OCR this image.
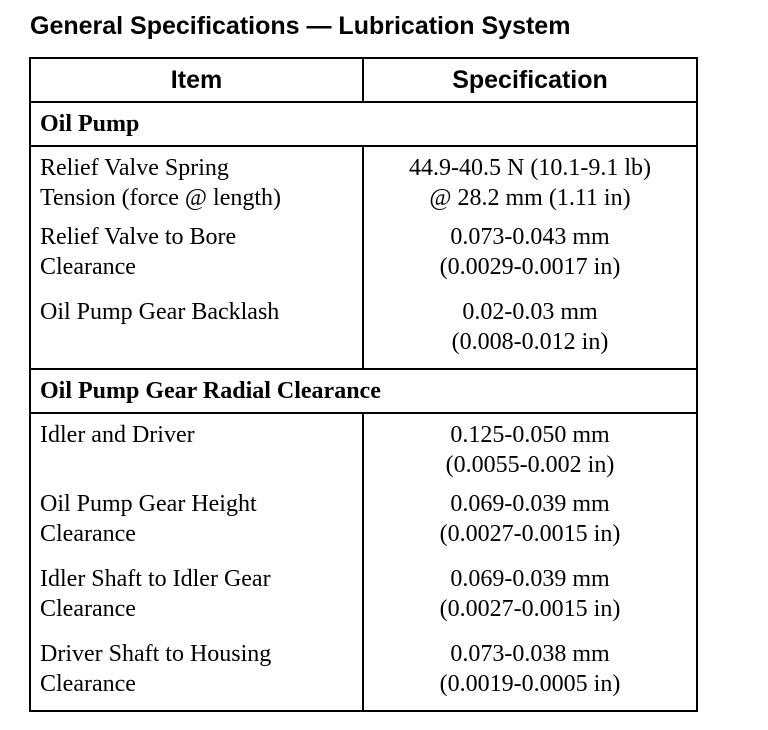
General Specifications — Lubrication System
Item	Specification
Oil Pump	

Relief Valve Spring
Tension (force @ length)	44.9-40.5 N (10.1-9.1 lb)
@ 28.2 mm (1.11 in)

Relief Valve to Bore
Clearance	0.073-0.043 mm
(0.0029-0.0017 in)

Oil Pump Gear Backlash	0.02-0.03 mm
(0.008-0.012 in)

Oil Pump Gear Radial Clearance	

Idler and Driver	0.125-0.050 mm
(0.0055-0.002 in)

Oil Pump Gear Height
Clearance	0.069-0.039 mm
(0.0027-0.0015 in)

Idler Shaft to Idler Gear
Clearance	0.069-0.039 mm
(0.0027-0.0015 in)

Driver Shaft to Housing
Clearance	0.073-0.038 mm
(0.0019-0.0005 in)
